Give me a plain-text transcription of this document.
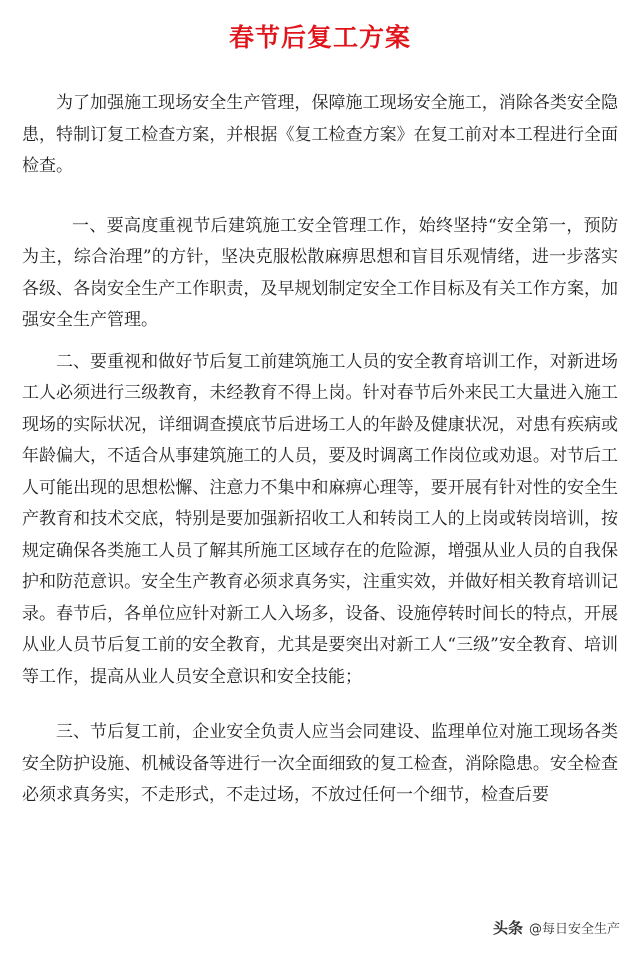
春节后复工方案

为了加强施工现场安全生产管理，保障施工现场安全施工，消除各类安全隐患，特制订复工检查方案，并根据《复工检查方案》在复工前对本工程进行全面检查。

一、要高度重视节后建筑施工安全管理工作，始终坚持“安全第一，预防为主，综合治理”的方针，坚决克服松散麻痹思想和盲目乐观情绪，进一步落实各级、各岗安全生产工作职责，及早规划制定安全工作目标及有关工作方案，加强安全生产管理。

二、要重视和做好节后复工前建筑施工人员的安全教育培训工作，对新进场工人必须进行三级教育，未经教育不得上岗。针对春节后外来民工大量进入施工现场的实际状况，详细调查摸底节后进场工人的年龄及健康状况，对患有疾病或年龄偏大，不适合从事建筑施工的人员，要及时调离工作岗位或劝退。对节后工人可能出现的思想松懈、注意力不集中和麻痹心理等，要开展有针对性的安全生产教育和技术交底，特别是要加强新招收工人和转岗工人的上岗或转岗培训，按规定确保各类施工人员了解其所施工区域存在的危险源，增强从业人员的自我保护和防范意识。安全生产教育必须求真务实，注重实效，并做好相关教育培训记录。春节后，各单位应针对新工人入场多，设备、设施停转时间长的特点，开展从业人员节后复工前的安全教育，尤其是要突出对新工人“三级”安全教育、培训等工作，提高从业人员安全意识和安全技能；

三、节后复工前，企业安全负责人应当会同建设、监理单位对施工现场各类安全防护设施、机械设备等进行一次全面细致的复工检查，消除隐患。安全检查必须求真务实，不走形式，不走过场，不放过任何一个细节，检查后要

头条 @每日安全生产
